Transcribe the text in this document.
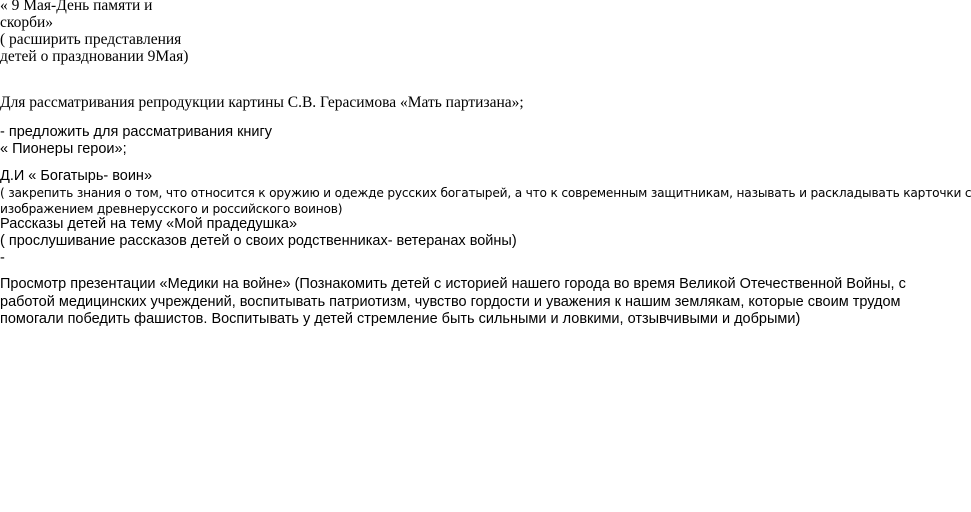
« 9 Мая-День памяти и
скорби»
( расширить представления
детей о праздновании 9Мая)
Для рассматривания репродукции картины С.В. Герасимова «Мать партизана»;
- предложить для рассматривания книгу
« Пионеры герои»;
Д.И « Богатырь- воин»
( закрепить знания о том, что относится к оружию и одежде русских богатырей, а что к современным защитникам, называть и раскладывать карточки с
изображением древнерусского и российского воинов)
Рассказы детей на тему «Мой прадедушка»
( прослушивание рассказов детей о своих родственниках- ветеранах войны)
-
Просмотр презентации «Медики на войне» (Познакомить детей с историей нашего города во время Великой Отечественной Войны, с
работой медицинских учреждений, воспитывать патриотизм, чувство гордости и уважения к нашим землякам, которые своим трудом
помогали победить фашистов. Воспитывать у детей стремление быть сильными и ловкими, отзывчивыми и добрыми)
